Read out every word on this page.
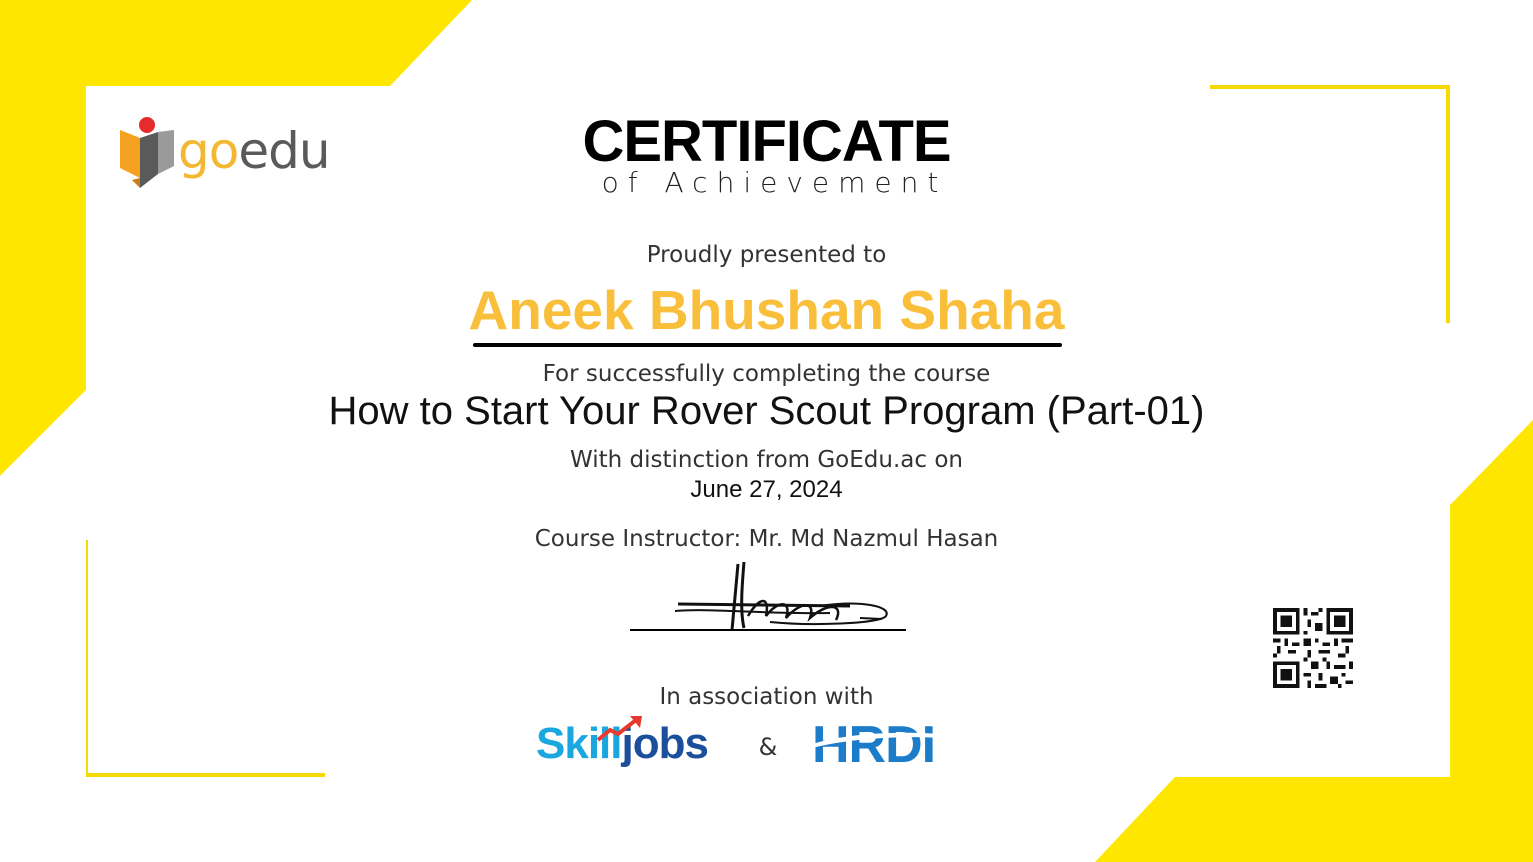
goedu	CERTIFICATE
of Achievement
Proudly presented to
Aneek Bhushan Shaha
For successfully completing the course
How to Start Your Rover Scout Program (Part-01)
With distinction from GoEdu.ac on
June 27, 2024
Course Instructor: Mr. Md Nazmul Hasan
In association with
Skilljobs & HRDI
